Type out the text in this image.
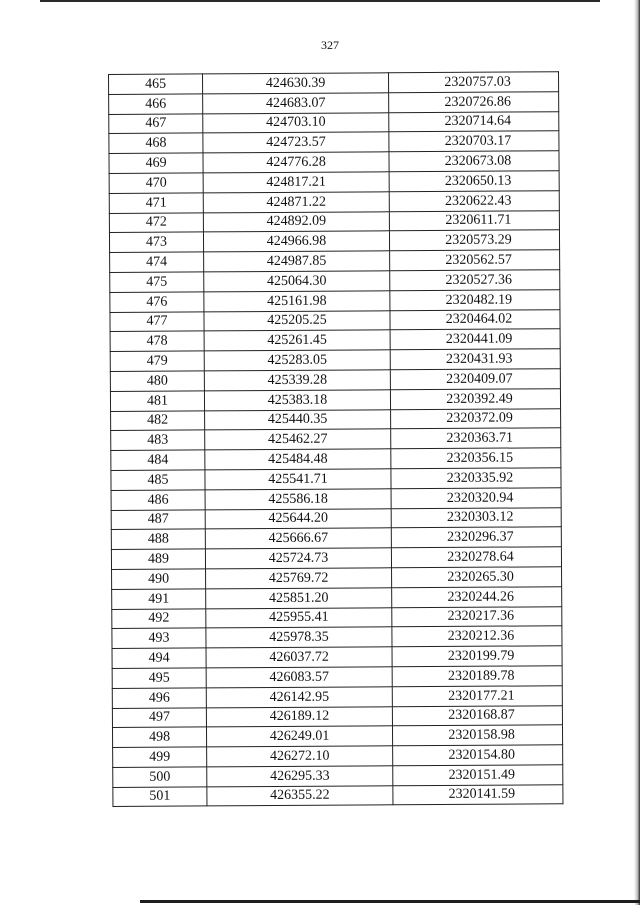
327
465	424630.39	2320757.03
466	424683.07	2320726.86
467	424703.10	2320714.64
468	424723.57	2320703.17
469	424776.28	2320673.08
470	424817.21	2320650.13
471	424871.22	2320622.43
472	424892.09	2320611.71
473	424966.98	2320573.29
474	424987.85	2320562.57
475	425064.30	2320527.36
476	425161.98	2320482.19
477	425205.25	2320464.02
478	425261.45	2320441.09
479	425283.05	2320431.93
480	425339.28	2320409.07
481	425383.18	2320392.49
482	425440.35	2320372.09
483	425462.27	2320363.71
484	425484.48	2320356.15
485	425541.71	2320335.92
486	425586.18	2320320.94
487	425644.20	2320303.12
488	425666.67	2320296.37
489	425724.73	2320278.64
490	425769.72	2320265.30
491	425851.20	2320244.26
492	425955.41	2320217.36
493	425978.35	2320212.36
494	426037.72	2320199.79
495	426083.57	2320189.78
496	426142.95	2320177.21
497	426189.12	2320168.87
498	426249.01	2320158.98
499	426272.10	2320154.80
500	426295.33	2320151.49
501	426355.22	2320141.59
